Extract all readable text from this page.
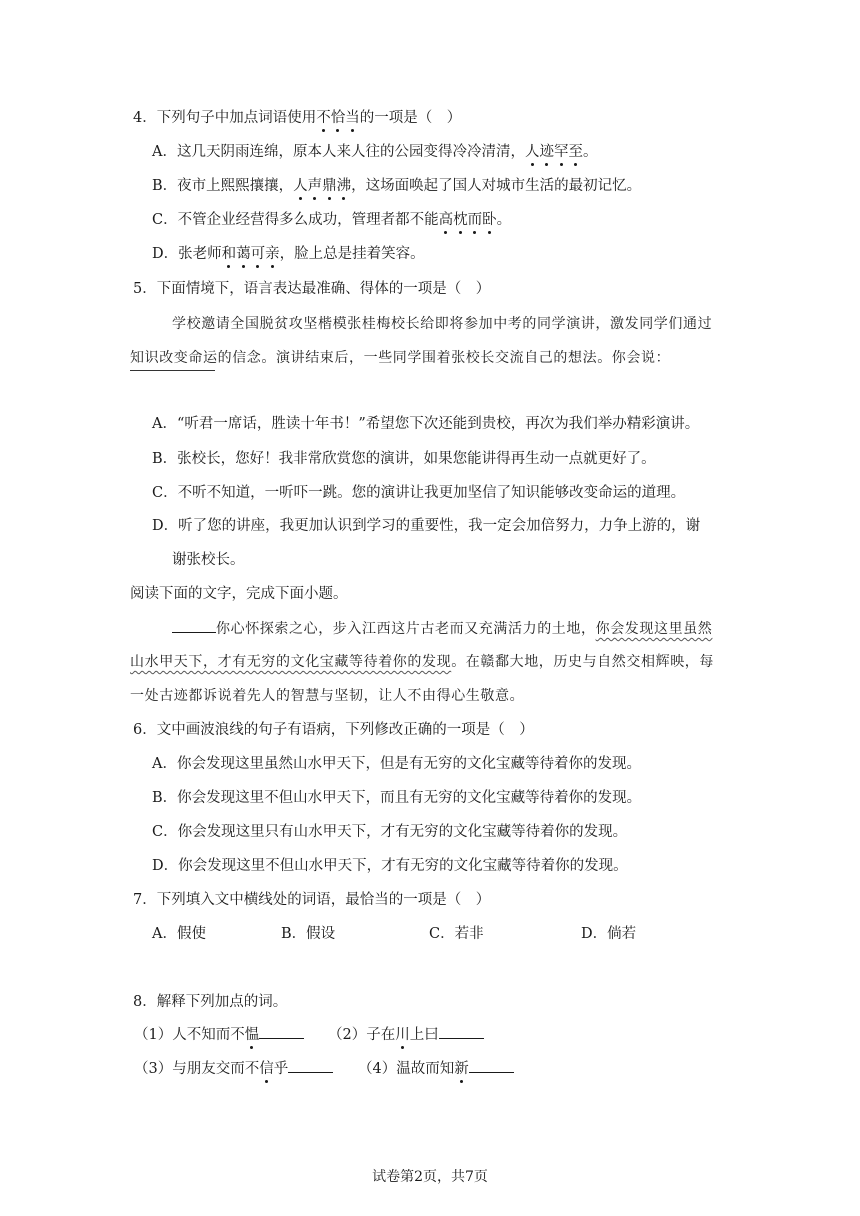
4．下列句子中加点词语使用不恰当的一项是（　）
A．这几天阴雨连绵，原本人来人往的公园变得冷冷清清，人迹罕至。
B．夜市上熙熙攘攘，人声鼎沸，这场面唤起了国人对城市生活的最初记忆。
C．不管企业经营得多么成功，管理者都不能高枕而卧。
D．张老师和蔼可亲，脸上总是挂着笑容。
5．下面情境下，语言表达最准确、得体的一项是（　）
学校邀请全国脱贫攻坚楷模张桂梅校长给即将参加中考的同学演讲，激发同学们通过
知识改变命运的信念。演讲结束后，一些同学围着张校长交流自己的想法。你会说：
A．“听君一席话，胜读十年书！”希望您下次还能到贵校，再次为我们举办精彩演讲。
B．张校长，您好！我非常欣赏您的演讲，如果您能讲得再生动一点就更好了。
C．不听不知道，一听吓一跳。您的演讲让我更加坚信了知识能够改变命运的道理。
D．听了您的讲座，我更加认识到学习的重要性，我一定会加倍努力，力争上游的，谢
谢张校长。
阅读下面的文字，完成下面小题。
你心怀探索之心，步入江西这片古老而又充满活力的土地，你会发现这里虽然
山水甲天下，才有无穷的文化宝藏等待着你的发现。在赣鄱大地，历史与自然交相辉映，每
一处古迹都诉说着先人的智慧与坚韧，让人不由得心生敬意。
6．文中画波浪线的句子有语病，下列修改正确的一项是（　）
A．你会发现这里虽然山水甲天下，但是有无穷的文化宝藏等待着你的发现。
B．你会发现这里不但山水甲天下，而且有无穷的文化宝藏等待着你的发现。
C．你会发现这里只有山水甲天下，才有无穷的文化宝藏等待着你的发现。
D．你会发现这里不但山水甲天下，才有无穷的文化宝藏等待着你的发现。
7．下列填入文中横线处的词语，最恰当的一项是（　）
A．假使	B．假设	C．若非	D．倘若
8．解释下列加点的词。
（1）人不知而不愠	（2）子在川上曰
（3）与朋友交而不信乎	（4）温故而知新
试卷第2页，共7页
